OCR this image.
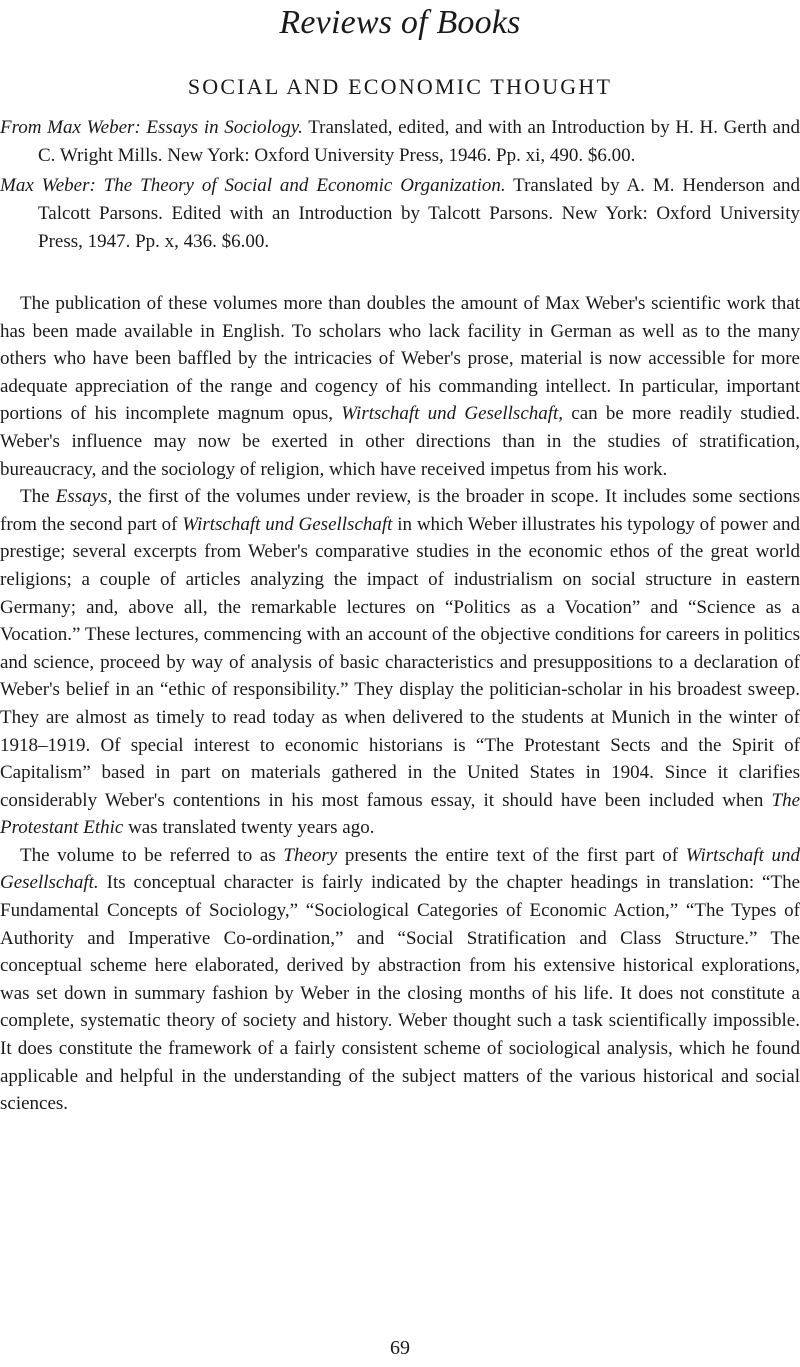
Reviews of Books
SOCIAL AND ECONOMIC THOUGHT

From Max Weber: Essays in Sociology. Translated, edited, and with an Introduction by H. H. Gerth and C. Wright Mills. New York: Oxford University Press, 1946. Pp. xi, 490. $6.00.

Max Weber: The Theory of Social and Economic Organization. Translated by A. M. Henderson and Talcott Parsons. Edited with an Introduction by Talcott Parsons. New York: Oxford University Press, 1947. Pp. x, 436. $6.00.

The publication of these volumes more than doubles the amount of Max Weber's scientific work that has been made available in English. To scholars who lack facility in German as well as to the many others who have been baffled by the intricacies of Weber's prose, material is now accessible for more adequate appreciation of the range and cogency of his commanding intellect. In particular, important portions of his incomplete magnum opus, Wirtschaft und Gesellschaft, can be more readily studied. Weber's influence may now be exerted in other directions than in the studies of stratification, bureaucracy, and the sociology of religion, which have received impetus from his work.

The Essays, the first of the volumes under review, is the broader in scope. It includes some sections from the second part of Wirtschaft und Gesellschaft in which Weber illustrates his typology of power and prestige; several excerpts from Weber's comparative studies in the economic ethos of the great world religions; a couple of articles analyzing the impact of industrialism on social structure in eastern Germany; and, above all, the remarkable lectures on “Politics as a Vocation” and “Science as a Vocation.” These lectures, commencing with an account of the objective conditions for careers in politics and science, proceed by way of analysis of basic characteristics and presuppositions to a declaration of Weber's belief in an “ethic of responsibility.” They display the politician-scholar in his broadest sweep. They are almost as timely to read today as when delivered to the students at Munich in the winter of 1918–1919. Of special interest to economic historians is “The Protestant Sects and the Spirit of Capitalism” based in part on materials gathered in the United States in 1904. Since it clarifies considerably Weber's contentions in his most famous essay, it should have been included when The Protestant Ethic was translated twenty years ago.

The volume to be referred to as Theory presents the entire text of the first part of Wirtschaft und Gesellschaft. Its conceptual character is fairly indicated by the chapter headings in translation: “The Fundamental Concepts of Sociology,” “Sociological Categories of Economic Action,” “The Types of Authority and Imperative Co-ordination,” and “Social Stratification and Class Structure.” The conceptual scheme here elaborated, derived by abstraction from his extensive historical explorations, was set down in summary fashion by Weber in the closing months of his life. It does not constitute a complete, systematic theory of society and history. Weber thought such a task scientifically impossible. It does constitute the framework of a fairly consistent scheme of sociological analysis, which he found applicable and helpful in the understanding of the subject matters of the various historical and social sciences.

69
